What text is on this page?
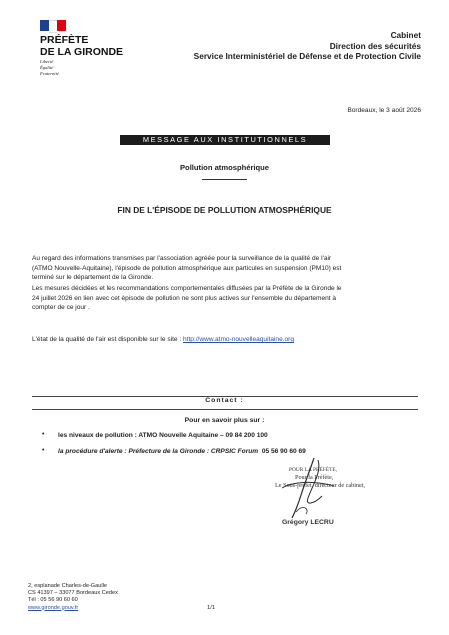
PRÉFÈTE
DE LA GIRONDE
Liberté
Égalité
Fraternité
Cabinet
Direction des sécurités
Service Interministériel de Défense et de Protection Civile
Bordeaux, le 3 août 2026
MESSAGE AUX INSTITUTIONNELS
Pollution atmosphérique
FIN DE L'ÉPISODE DE POLLUTION ATMOSPHÉRIQUE
Au regard des informations transmises par l'association agréée pour la surveillance de la qualité de l'air
(ATMO Nouvelle-Aquitaine), l'épisode de pollution atmosphérique aux particules en suspension (PM10) est
terminé sur le département de la Gironde.
Les mesures décidées et les recommandations comportementales diffusées par la Préfète de la Gironde le
24 juillet 2026 en lien avec cet épisode de pollution ne sont plus actives sur l'ensemble du département à
compter de ce jour .
L'état de la qualité de l'air est disponible sur le site : http://www.atmo-nouvelleaquitaine.org
Contact :
Pour en savoir plus sur :
• les niveaux de pollution : ATMO Nouvelle Aquitaine – 09 84 200 100
• la procédure d'alerte : Préfecture de la Gironde : CRPSIC Forum 05 56 90 60 69
POUR LA PRÉFÈTE,
Pour la Préfète,
Le Sous-préfet, directeur de cabinet,
Grégory LECRU
2, esplanade Charles-de-Gaulle
CS 41397 – 33077 Bordeaux Cedex
Tél : 05 56 90 60 60
www.gironde.gouv.fr	1/1
